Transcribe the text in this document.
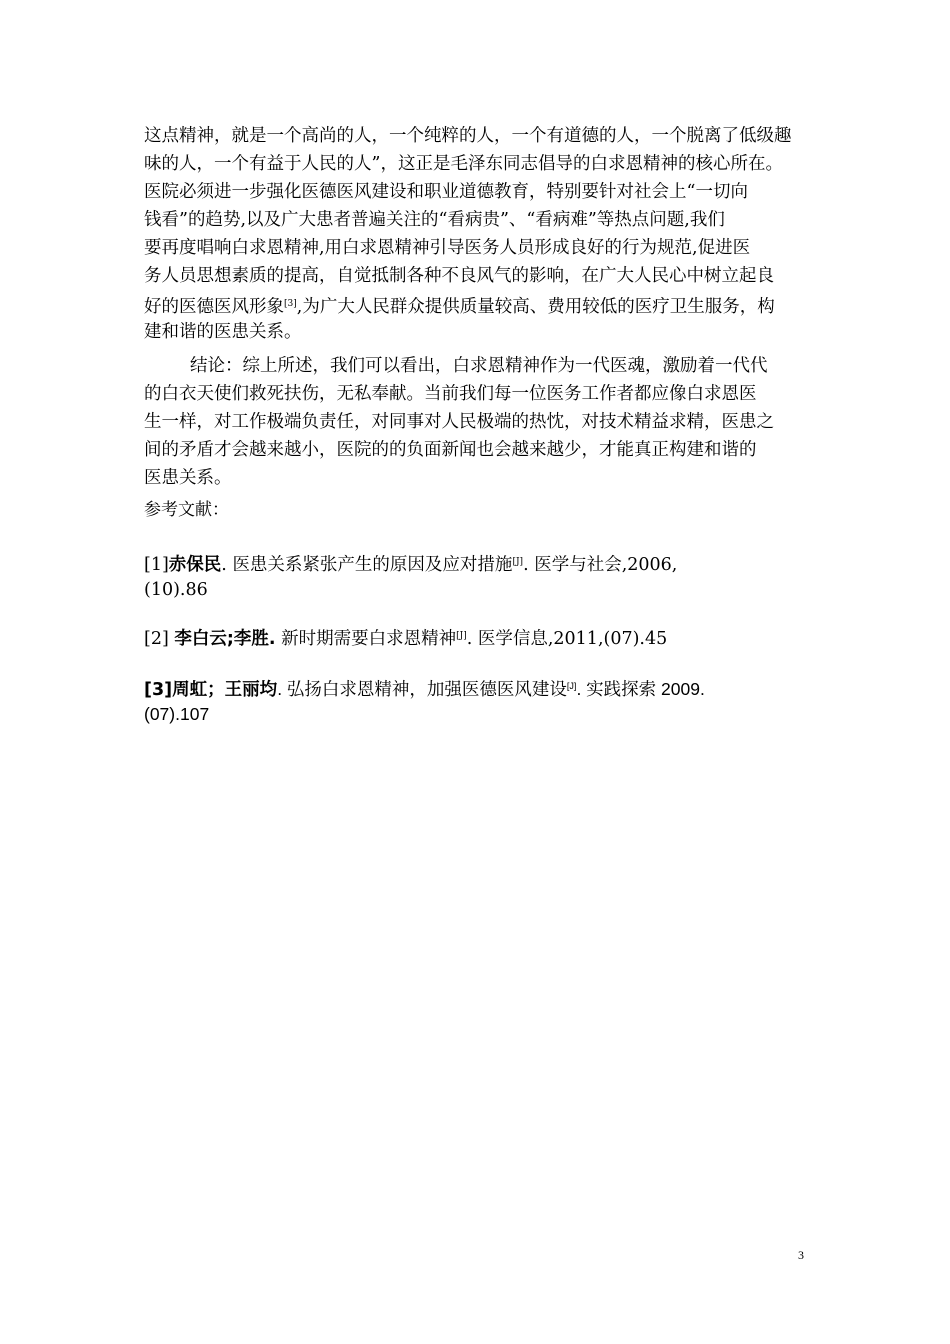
这点精神，就是一个高尚的人，一个纯粹的人，一个有道德的人，一个脱离了低级趣
味的人，一个有益于人民的人”，这正是毛泽东同志倡导的白求恩精神的核心所在。
医院必须进一步强化医德医风建设和职业道德教育，特别要针对社会上“一切向
钱看”的趋势,以及广大患者普遍关注的“看病贵”、“看病难”等热点问题,我们
要再度唱响白求恩精神,用白求恩精神引导医务人员形成良好的行为规范,促进医
务人员思想素质的提高，自觉抵制各种不良风气的影响，在广大人民心中树立起良
好的医德医风形象[3],为广大人民群众提供质量较高、费用较低的医疗卫生服务，构
建和谐的医患关系。
结论：综上所述，我们可以看出，白求恩精神作为一代医魂，激励着一代代
的白衣天使们救死扶伤，无私奉献。当前我们每一位医务工作者都应像白求恩医
生一样，对工作极端负责任，对同事对人民极端的热忱，对技术精益求精，医患之
间的矛盾才会越来越小，医院的的负面新闻也会越来越少，才能真正构建和谐的
医患关系。
参考文献：
[1]赤保民. 医患关系紧张产生的原因及应对措施[J]. 医学与社会,2006,
(10).86
[2] 李白云;李胜. 新时期需要白求恩精神[J]. 医学信息,2011,(07).45
[3]周虹；王丽均. 弘扬白求恩精神，加强医德医风建设[J]. 实践探索 2009.
(07).107
3
